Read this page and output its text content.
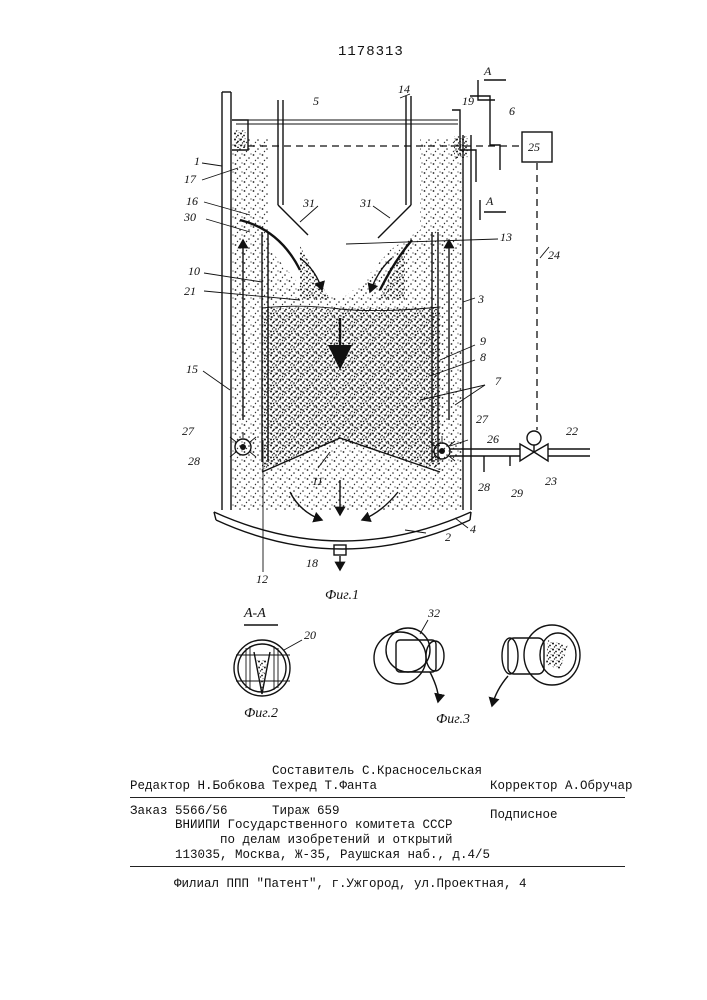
1178313
1
2
3
4
5
6
7
8
9
10
11
12
13
14
15
16
17
18
19
21
22
23
24
25
26
27
27
28
28 29
30
31	31
А
А
Фиг.1
А-А
20
Фиг.2
32
Фиг.3
Составитель С.Красносельская
Редактор Н.Бобкова Техред Т.Фанта	Корректор А.Обручар
Заказ 5566/56	Тираж 659	Подписное
ВНИИПИ Государственного комитета СССР
по делам изобретений и открытий
113035, Москва, Ж-35, Раушская наб., д.4/5
Филиал ППП "Патент", г.Ужгород, ул.Проектная, 4
